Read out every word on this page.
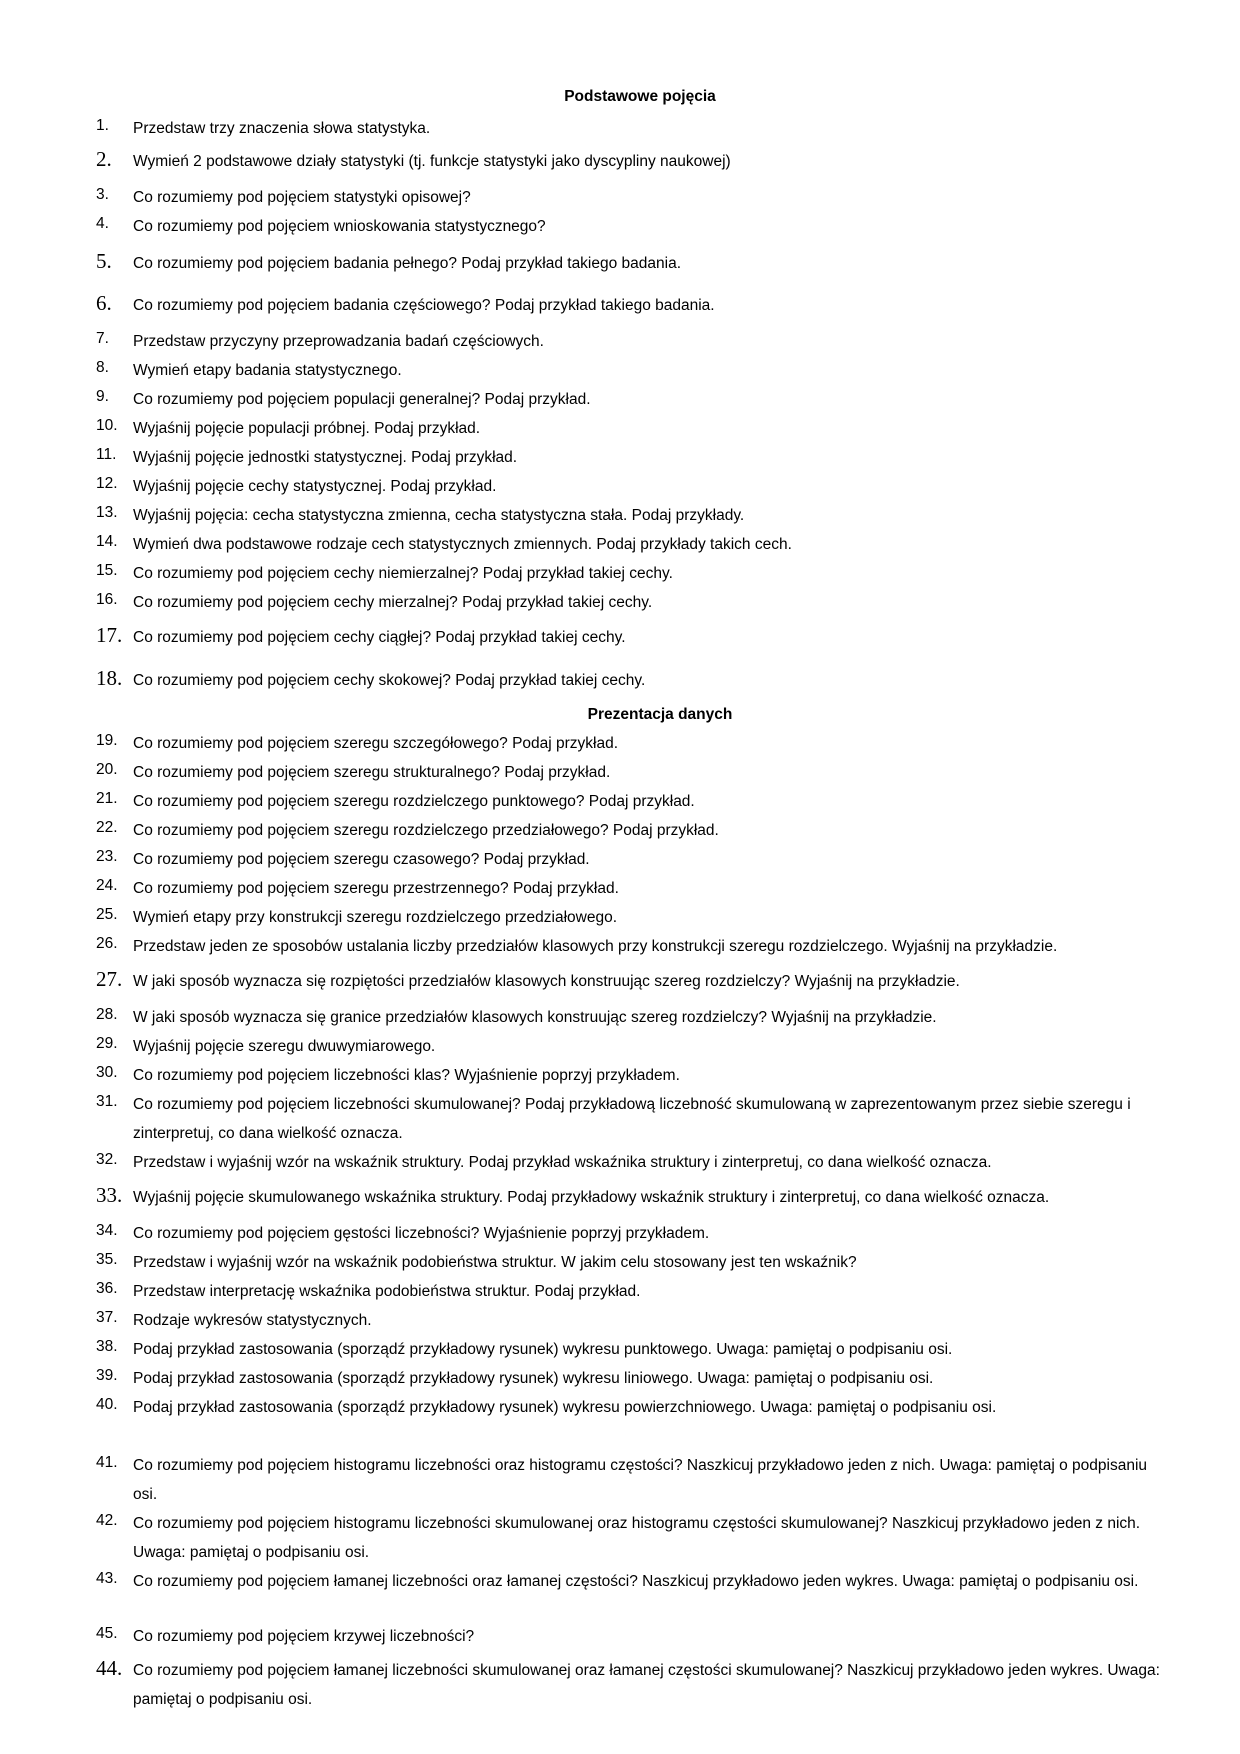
Podstawowe pojęcia
1.	Przedstaw trzy znaczenia słowa statystyka.
2.	Wymień 2 podstawowe działy statystyki (tj. funkcje statystyki jako dyscypliny naukowej)
3.	Co rozumiemy pod pojęciem statystyki opisowej?
4.	Co rozumiemy pod pojęciem wnioskowania statystycznego?
5.	Co rozumiemy pod pojęciem badania pełnego? Podaj przykład takiego badania.
6.	Co rozumiemy pod pojęciem badania częściowego? Podaj przykład takiego badania.
7.	Przedstaw przyczyny przeprowadzania badań częściowych.
8.	Wymień etapy badania statystycznego.
9.	Co rozumiemy pod pojęciem populacji generalnej? Podaj przykład.
10. Wyjaśnij pojęcie populacji próbnej. Podaj przykład.
11.	Wyjaśnij pojęcie jednostki statystycznej. Podaj przykład.
12. Wyjaśnij pojęcie cechy statystycznej. Podaj przykład.
13. Wyjaśnij pojęcia: cecha statystyczna zmienna, cecha statystyczna stała. Podaj przykłady.
14. Wymień dwa podstawowe rodzaje cech statystycznych zmiennych. Podaj przykłady takich cech.
15. Co rozumiemy pod pojęciem cechy niemierzalnej? Podaj przykład takiej cechy.
16. Co rozumiemy pod pojęciem cechy mierzalnej? Podaj przykład takiej cechy.
17. Co rozumiemy pod pojęciem cechy ciągłej? Podaj przykład takiej cechy.
18. Co rozumiemy pod pojęciem cechy skokowej? Podaj przykład takiej cechy.
Prezentacja danych
19. Co rozumiemy pod pojęciem szeregu szczegółowego? Podaj przykład.
20. Co rozumiemy pod pojęciem szeregu strukturalnego? Podaj przykład.
21. Co rozumiemy pod pojęciem szeregu rozdzielczego punktowego? Podaj przykład.
22. Co rozumiemy pod pojęciem szeregu rozdzielczego przedziałowego? Podaj przykład.
23. Co rozumiemy pod pojęciem szeregu czasowego? Podaj przykład.
24. Co rozumiemy pod pojęciem szeregu przestrzennego? Podaj przykład.
25. Wymień etapy przy konstrukcji szeregu rozdzielczego przedziałowego.
26. Przedstaw jeden ze sposobów ustalania liczby przedziałów klasowych przy konstrukcji szeregu rozdzielczego. Wyjaśnij na przykładzie.
27. W jaki sposób wyznacza się rozpiętości przedziałów klasowych konstruując szereg rozdzielczy? Wyjaśnij na przykładzie.
28. W jaki sposób wyznacza się granice przedziałów klasowych konstruując szereg rozdzielczy? Wyjaśnij na przykładzie.
29. Wyjaśnij pojęcie szeregu dwuwymiarowego.
30. Co rozumiemy pod pojęciem liczebności klas? Wyjaśnienie poprzyj przykładem.
31. Co rozumiemy pod pojęciem liczebności skumulowanej? Podaj przykładową liczebność skumulowaną w zaprezentowanym przez siebie szeregu i zinterpretuj, co dana wielkość oznacza.
32. Przedstaw i wyjaśnij wzór na wskaźnik struktury. Podaj przykład wskaźnika struktury i zinterpretuj, co dana wielkość oznacza.
33. Wyjaśnij pojęcie skumulowanego wskaźnika struktury. Podaj przykładowy wskaźnik struktury i zinterpretuj, co dana wielkość oznacza.
34. Co rozumiemy pod pojęciem gęstości liczebności? Wyjaśnienie poprzyj przykładem.
35. Przedstaw i wyjaśnij wzór na wskaźnik podobieństwa struktur. W jakim celu stosowany jest ten wskaźnik?
36. Przedstaw interpretację wskaźnika podobieństwa struktur. Podaj przykład.
37. Rodzaje wykresów statystycznych.
38. Podaj przykład zastosowania (sporządź przykładowy rysunek) wykresu punktowego. Uwaga: pamiętaj o podpisaniu osi.
39. Podaj przykład zastosowania (sporządź przykładowy rysunek) wykresu liniowego. Uwaga: pamiętaj o podpisaniu osi.
40. Podaj przykład zastosowania (sporządź przykładowy rysunek) wykresu powierzchniowego. Uwaga: pamiętaj o podpisaniu osi.
41. Co rozumiemy pod pojęciem histogramu liczebności oraz histogramu częstości? Naszkicuj przykładowo jeden z nich. Uwaga: pamiętaj o podpisaniu osi.
42. Co rozumiemy pod pojęciem histogramu liczebności skumulowanej oraz histogramu częstości skumulowanej? Naszkicuj przykładowo jeden z nich. Uwaga: pamiętaj o podpisaniu osi.
43. Co rozumiemy pod pojęciem łamanej liczebności oraz łamanej częstości? Naszkicuj przykładowo jeden wykres. Uwaga: pamiętaj o podpisaniu osi.
44. Co rozumiemy pod pojęciem łamanej liczebności skumulowanej oraz łamanej częstości skumulowanej? Naszkicuj przykładowo jeden wykres. Uwaga: pamiętaj o podpisaniu osi.
45. Co rozumiemy pod pojęciem krzywej liczebności?
